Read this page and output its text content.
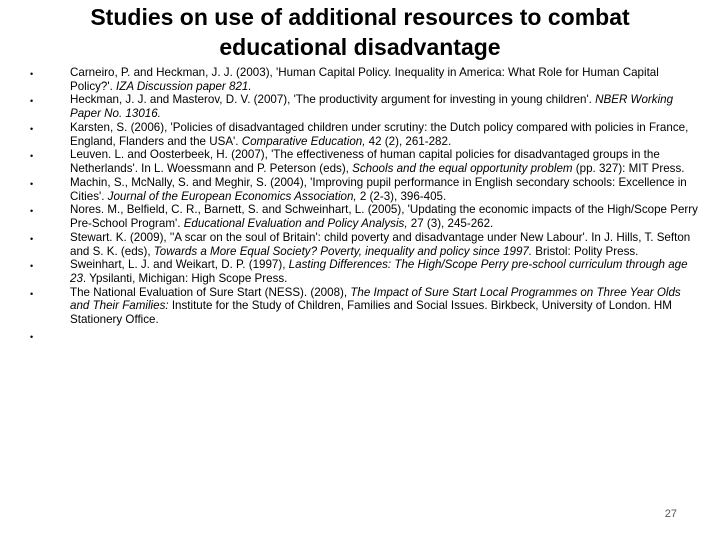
Studies on use of additional resources to combat
educational disadvantage
• Carneiro, P. and Heckman, J. J. (2003), 'Human Capital Policy. Inequality in America: What Role for Human Capital Policy?'. IZA Discussion paper 821.
• Heckman, J. J. and Masterov, D. V. (2007), 'The productivity argument for investing in young children'. NBER Working Paper No. 13016.
• Karsten, S. (2006), 'Policies of disadvantaged children under scrutiny: the Dutch policy compared with policies in France, England, Flanders and the USA'. Comparative Education, 42 (2), 261-282.
• Leuven. L. and Oosterbeek, H. (2007), 'The effectiveness of human capital policies for disadvantaged groups in the Netherlands'. In L. Woessmann and P. Peterson (eds), Schools and the equal opportunity problem (pp. 327): MIT Press.
• Machin, S., McNally, S. and Meghir, S. (2004), 'Improving pupil performance in English secondary schools: Excellence in Cities'. Journal of the European Economics Association, 2 (2-3), 396-405.
• Nores. M., Belfield, C. R., Barnett, S. and Schweinhart, L. (2005), 'Updating the economic impacts of the High/Scope Perry Pre-School Program'. Educational Evaluation and Policy Analysis, 27 (3), 245-262.
• Stewart. K. (2009), ''A scar on the soul of Britain': child poverty and disadvantage under New Labour'. In J. Hills, T. Sefton and S. K. (eds), Towards a More Equal Society? Poverty, inequality and policy since 1997. Bristol: Polity Press.
• Sweinhart, L. J. and Weikart, D. P. (1997), Lasting Differences: The High/Scope Perry pre-school curriculum through age 23. Ypsilanti, Michigan: High Scope Press.
• The National Evaluation of Sure Start (NESS). (2008), The Impact of Sure Start Local Programmes on Three Year Olds and Their Families: Institute for the Study of Children, Families and Social Issues. Birkbeck, University of London. HM Stationery Office.
•
27
